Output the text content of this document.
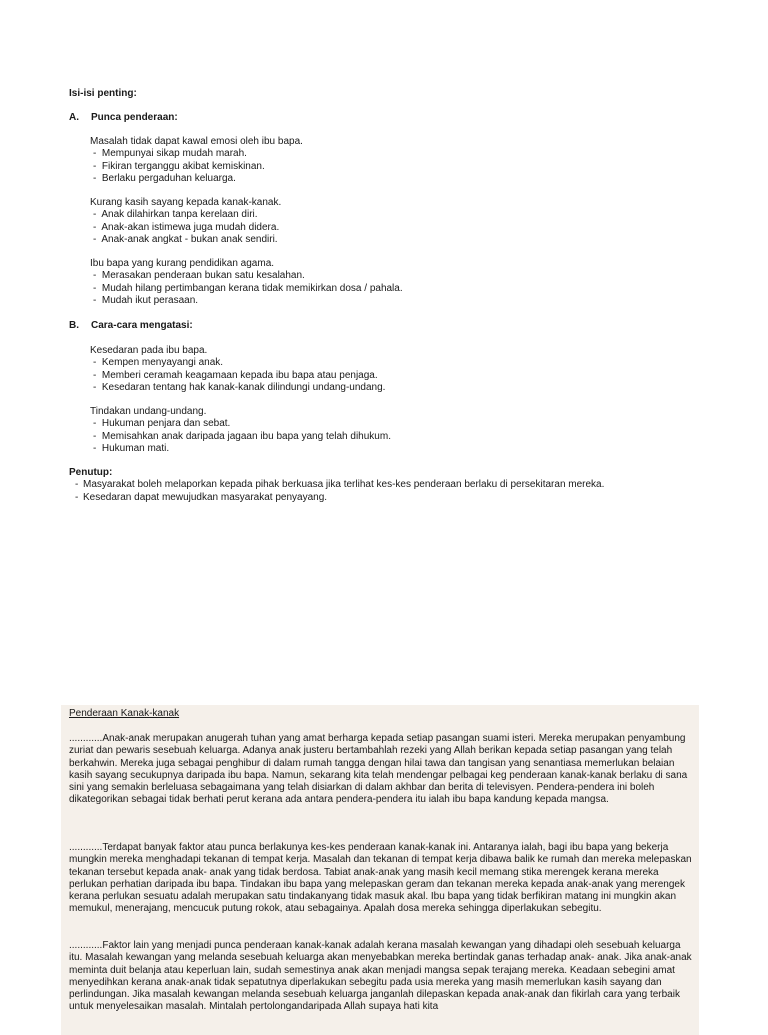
Isi-isi penting:
A. Punca penderaan:

Masalah tidak dapat kawal emosi oleh ibu bapa.

- Mempunyai sikap mudah marah.
- Fikiran terganggu akibat kemiskinan.
- Berlaku pergaduhan keluarga.

Kurang kasih sayang kepada kanak-kanak.

- Anak dilahirkan tanpa kerelaan diri.
- Anak-akan istimewa juga mudah didera.
- Anak-anak angkat - bukan anak sendiri.

Ibu bapa yang kurang pendidikan agama.

- Merasakan penderaan bukan satu kesalahan.
- Mudah hilang pertimbangan kerana tidak memikirkan dosa / pahala.
- Mudah ikut perasaan.
B. Cara-cara mengatasi:

Kesedaran pada ibu bapa.

- Kempen menyayangi anak.
- Memberi ceramah keagamaan kepada ibu bapa atau penjaga.
- Kesedaran tentang hak kanak-kanak dilindungi undang-undang.

Tindakan undang-undang.

- Hukuman penjara dan sebat.
- Memisahkan anak daripada jagaan ibu bapa yang telah dihukum.
- Hukuman mati.

Penutup:

- Masyarakat boleh melaporkan kepada pihak berkuasa jika terlihat kes-kes penderaan berlaku di persekitaran mereka.
- Kesedaran dapat mewujudkan masyarakat penyayang.
Penderaan Kanak-kanak

............Anak-anak merupakan anugerah tuhan yang amat berharga kepada setiap pasangan suami isteri. Mereka merupakan penyambung zuriat dan pewaris sesebuah keluarga. Adanya anak justeru bertambahlah rezeki yang Allah berikan kepada setiap pasangan yang telah berkahwin. Mereka juga sebagai penghibur di dalam rumah tangga dengan hilai tawa dan tangisan yang senantiasa memerlukan belaian kasih sayang secukupnya daripada ibu bapa. Namun, sekarang kita telah mendengar pelbagai keg penderaan kanak-kanak berlaku di sana sini yang semakin berleluasa sebagaimana yang telah disiarkan di dalam akhbar dan berita di televisyen. Pendera-pendera ini boleh dikategorikan sebagai tidak berhati perut kerana ada antara pendera-pendera itu ialah ibu bapa kandung kepada mangsa.

............Terdapat banyak faktor atau punca berlakunya kes-kes penderaan kanak-kanak ini. Antaranya ialah, bagi ibu bapa yang bekerja mungkin mereka menghadapi tekanan di tempat kerja. Masalah dan tekanan di tempat kerja dibawa balik ke rumah dan mereka melepaskan tekanan tersebut kepada anak- anak yang tidak berdosa. Tabiat anak-anak yang masih kecil memang stika merengek kerana mereka perlukan perhatian daripada ibu bapa. Tindakan ibu bapa yang melepaskan geram dan tekanan mereka kepada anak-anak yang merengek kerana perlukan sesuatu adalah merupakan satu tindakanyang tidak masuk akal. Ibu bapa yang tidak berfikiran matang ini mungkin akan memukul, menerajang, mencucuk putung rokok, atau sebagainya. Apalah dosa mereka sehingga diperlakukan sebegitu.

............Faktor lain yang menjadi punca penderaan kanak-kanak adalah kerana masalah kewangan yang dihadapi oleh sesebuah keluarga itu. Masalah kewangan yang melanda sesebuah keluarga akan menyebabkan mereka bertindak ganas terhadap anak- anak. Jika anak-anak meminta duit belanja atau keperluan lain, sudah semestinya anak akan menjadi mangsa sepak terajang mereka. Keadaan sebegini amat menyedihkan kerana anak-anak tidak sepatutnya diperlakukan sebegitu pada usia mereka yang masih memerlukan kasih sayang dan perlindungan. Jika masalah kewangan melanda sesebuah keluarga janganlah dilepaskan kepada anak-anak dan fikirlah cara yang terbaik untuk menyelesaikan masalah. Mintalah pertolongandaripada Allah supaya hati kita
